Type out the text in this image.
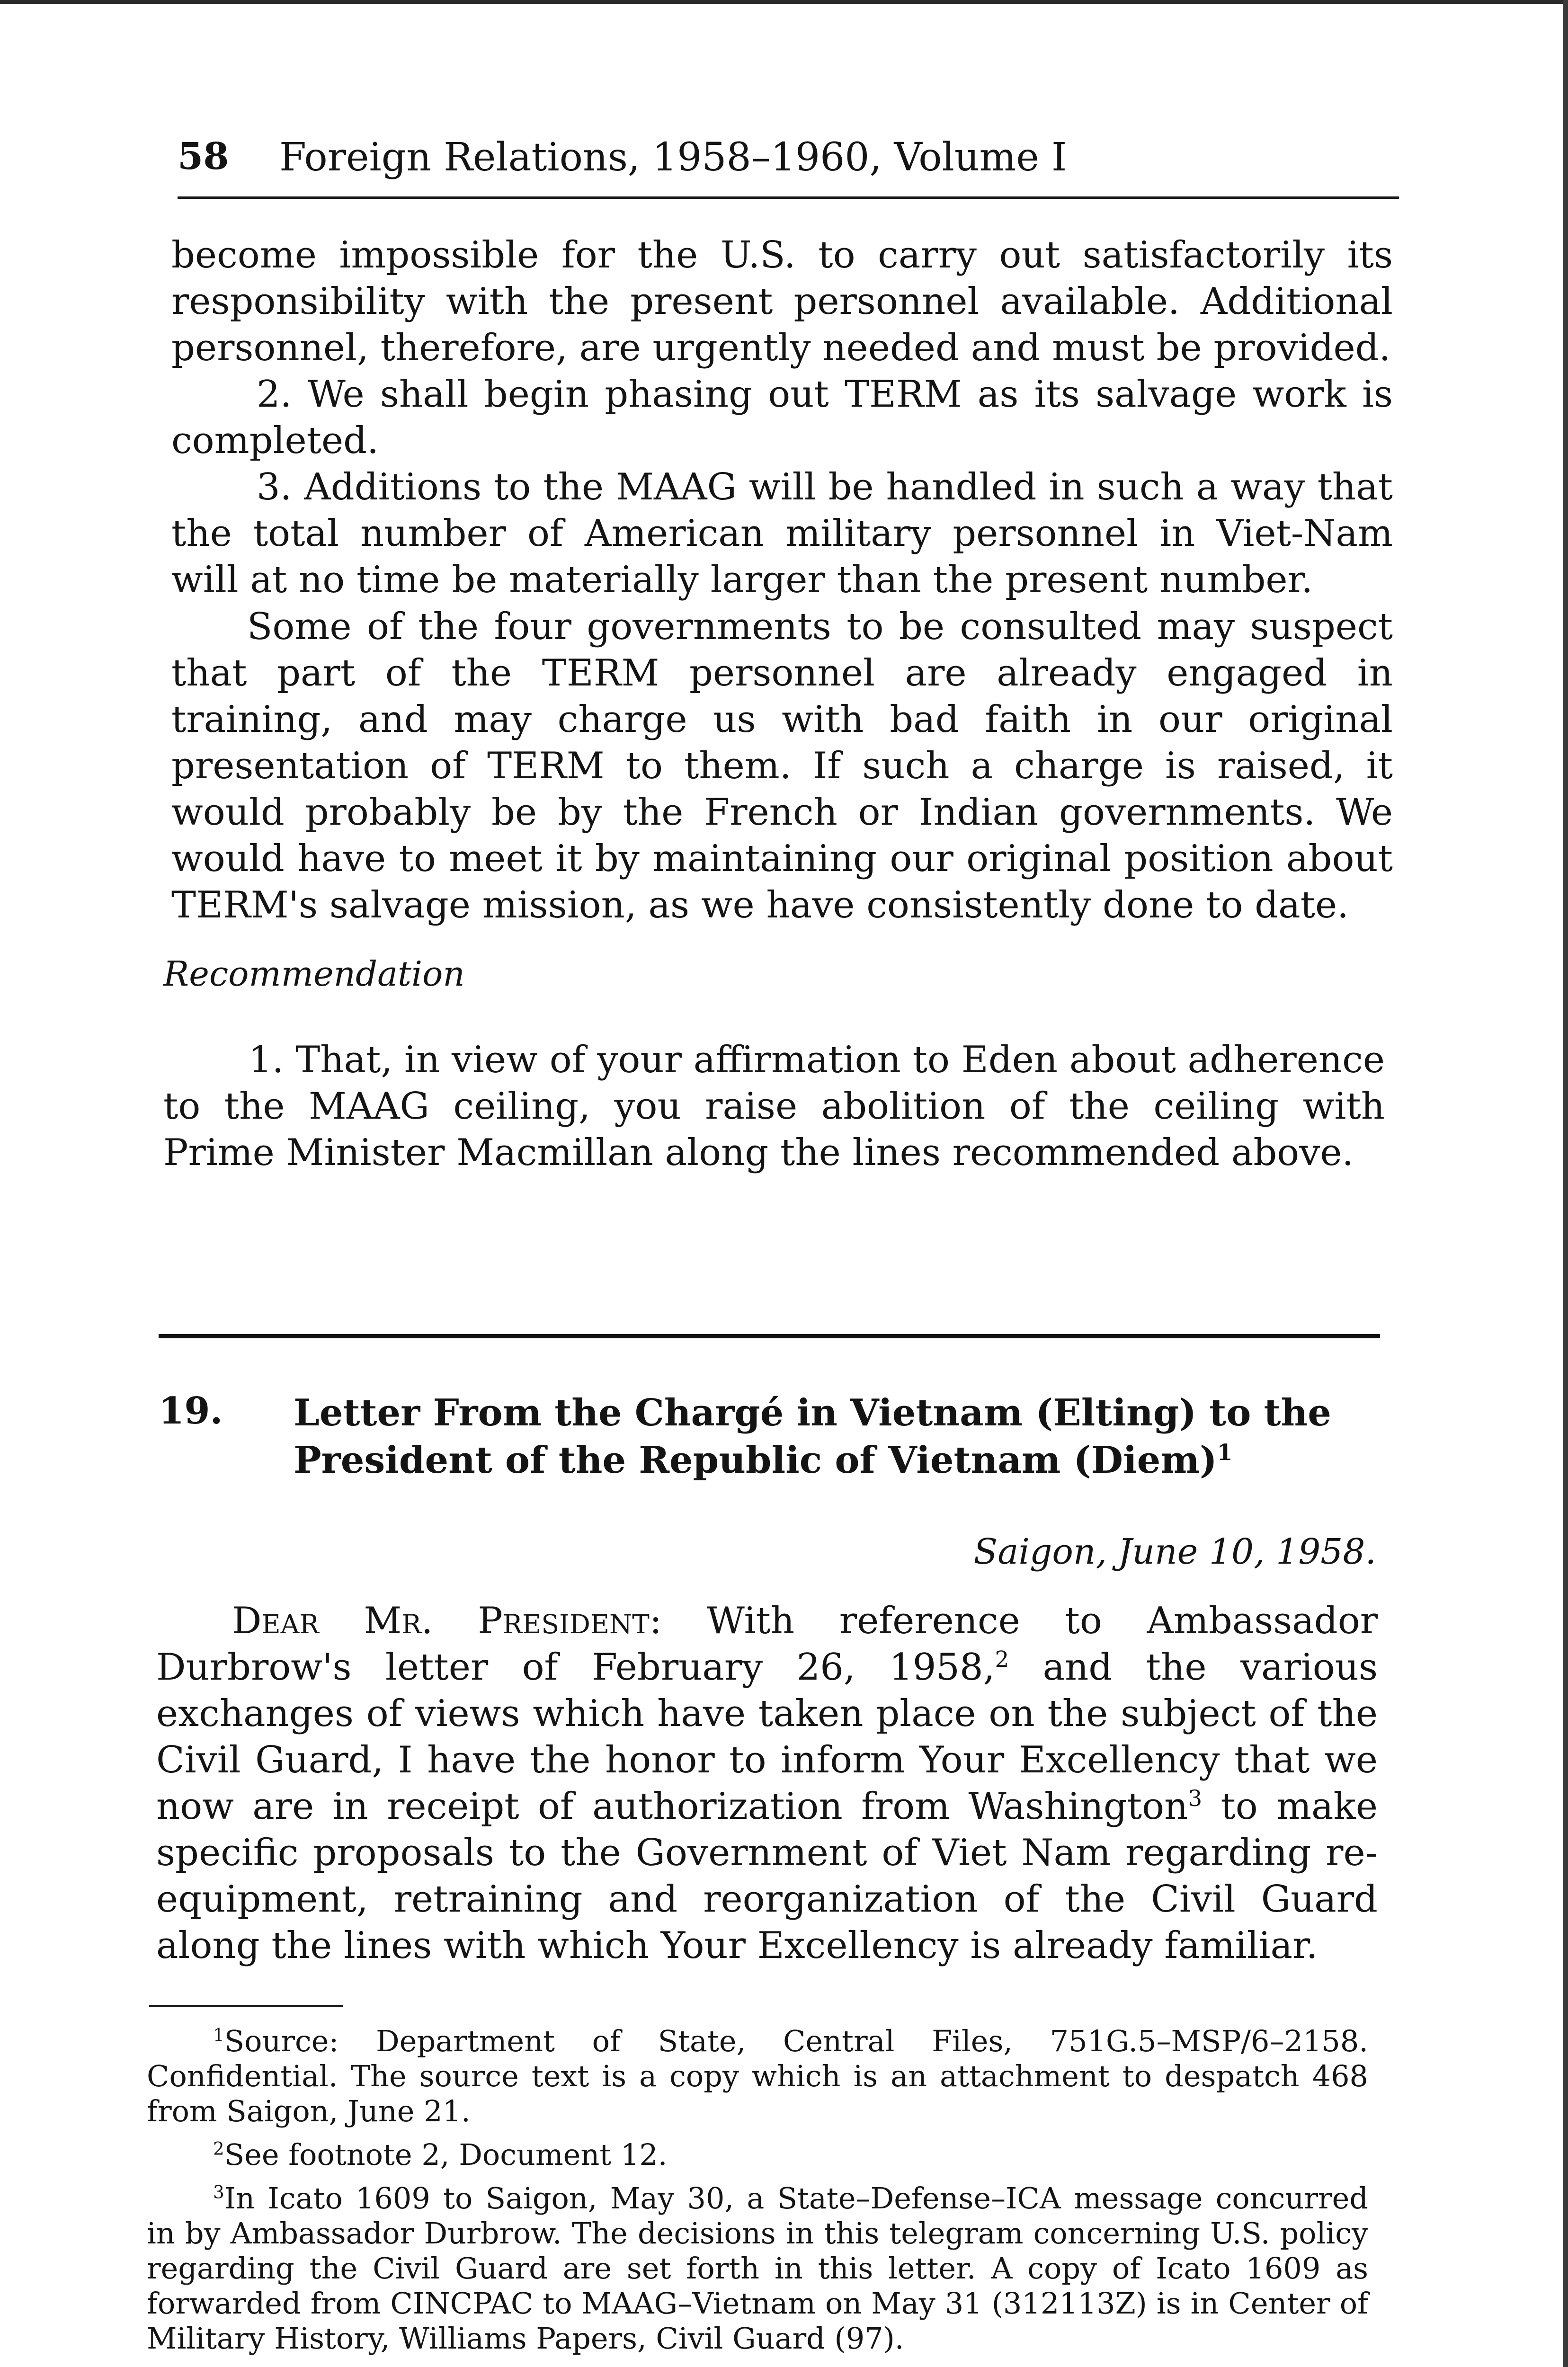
58 Foreign Relations, 1958–1960, Volume I

become impossible for the U.S. to carry out satisfactorily its responsibility with the present personnel available. Additional personnel, therefore, are urgently needed and must be provided.

2. We shall begin phasing out TERM as its salvage work is completed.

3. Additions to the MAAG will be handled in such a way that the total number of American military personnel in Viet-Nam will at no time be materially larger than the present number.

Some of the four governments to be consulted may suspect that part of the TERM personnel are already engaged in training, and may charge us with bad faith in our original presentation of TERM to them. If such a charge is raised, it would probably be by the French or Indian governments. We would have to meet it by maintaining our original position about TERM's salvage mission, as we have consistently done to date.

Recommendation

1. That, in view of your affirmation to Eden about adherence to the MAAG ceiling, you raise abolition of the ceiling with Prime Minister Macmillan along the lines recommended above.

19. Letter From the Chargé in Vietnam (Elting) to the
President of the Republic of Vietnam (Diem)$^1$
Saigon, June 10, 1958.

Dear Mr. President: With reference to Ambassador Durbrow's letter of February 26, 1958,$^2$ and the various exchanges of views which have taken place on the subject of the Civil Guard, I have the honor to inform Your Excellency that we now are in receipt of authorization from Washington$^3$ to make specific proposals to the Government of Viet Nam regarding re-equipment, retraining and reorganization of the Civil Guard along the lines with which Your Excellency is already familiar.

$^1$Source: Department of State, Central Files, 751G.5–MSP/6–2158. Confidential. The source text is a copy which is an attachment to despatch 468 from Saigon, June 21.

$^2$See footnote 2, Document 12.

$^3$In Icato 1609 to Saigon, May 30, a State–Defense–ICA message concurred in by Ambassador Durbrow. The decisions in this telegram concerning U.S. policy regarding the Civil Guard are set forth in this letter. A copy of Icato 1609 as forwarded from CINCPAC to MAAG–Vietnam on May 31 (312113Z) is in Center of Military History, Williams Papers, Civil Guard (97).
